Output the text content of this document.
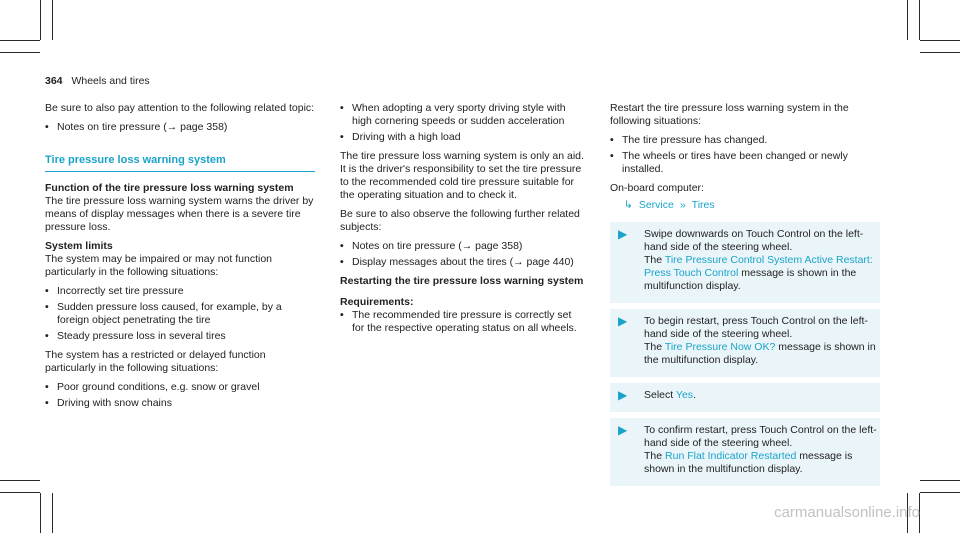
364 Wheels and tires

Be sure to also pay attention to the following related topic:

• Notes on tire pressure (→ page 358)
Tire pressure loss warning system

Function of the tire pressure loss warning system

The tire pressure loss warning system warns the driver by means of display messages when there is a severe tire pressure loss.

System limits

The system may be impaired or may not function particularly in the following situations:

• Incorrectly set tire pressure
• Sudden pressure loss caused, for example, by a foreign object penetrating the tire
• Steady pressure loss in several tires

The system has a restricted or delayed function particularly in the following situations:

• Poor ground conditions, e.g. snow or gravel
• Driving with snow chains
• When adopting a very sporty driving style with high cornering speeds or sudden acceleration
• Driving with a high load

The tire pressure loss warning system is only an aid. It is the driver's responsibility to set the tire pressure to the recommended cold tire pressure suitable for the operating situation and to check it.

Be sure to also observe the following further related subjects:

• Notes on tire pressure (→ page 358)
• Display messages about the tires (→ page 440)

Restarting the tire pressure loss warning system

Requirements:

• The recommended tire pressure is correctly set for the respective operating status on all wheels.

Restart the tire pressure loss warning system in the following situations:

• The tire pressure has changed.
• The wheels or tires have been changed or newly installed.

On-board computer:

↳ Service » Tires
▶ Swipe downwards on Touch Control on the left-hand side of the steering wheel.
The Tire Pressure Control System Active Restart: Press Touch Control message is shown in the multifunction display.
▶ To begin restart, press Touch Control on the left-hand side of the steering wheel.
The Tire Pressure Now OK? message is shown in the multifunction display.
▶ Select Yes.
▶ To confirm restart, press Touch Control on the left-hand side of the steering wheel.
The Run Flat Indicator Restarted message is shown in the multifunction display.
carmanualsonline.info
